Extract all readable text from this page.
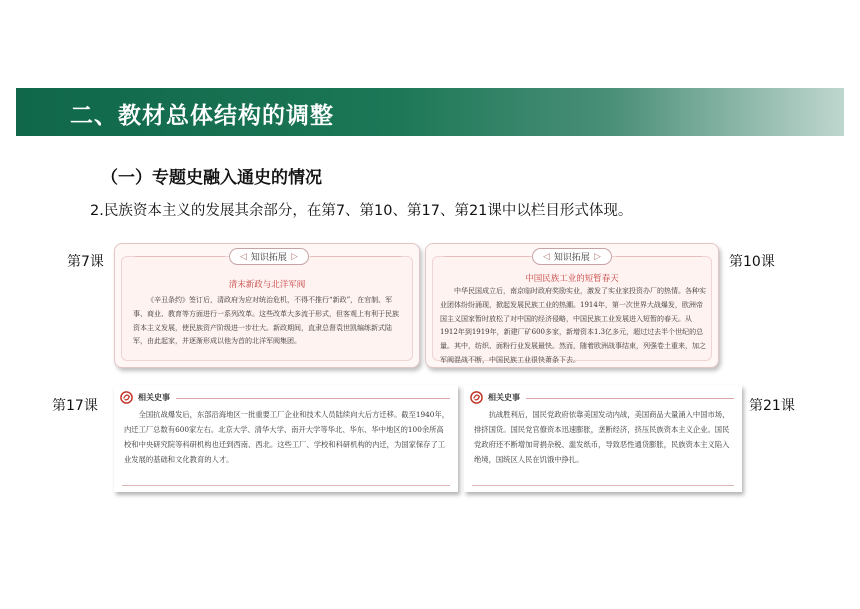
二、教材总体结构的调整
（一）专题史融入通史的情况
2.民族资本主义的发展其余部分，在第7、第10、第17、第21课中以栏目形式体现。
第7课	第10课
第17课	第21课
◁ 知识拓展 ▷
清末新政与北洋军阀
《辛丑条约》签订后，清政府为应对统治危机，不得不推行“新政”，在官制、军事、商业、教育等方面进行一系列改革。这些改革大多流于形式，但客观上有利于民族资本主义发展，使民族资产阶级进一步壮大。新政期间，直隶总督袁世凯编练新式陆军，由此起家，并逐渐形成以他为首的北洋军阀集团。
◁ 知识拓展 ▷
中国民族工业的短暂春天
中华民国成立后，南京临时政府奖励实业，激发了实业家投资办厂的热情。各种实业团体纷纷涌现，掀起发展民族工业的热潮。1914年，第一次世界大战爆发，欧洲帝国主义国家暂时放松了对中国的经济侵略，中国民族工业发展进入短暂的春天。从1912年到1919年，新建厂矿600多家，新增资本1.3亿多元，超过过去半个世纪的总量。其中，纺织、面粉行业发展最快。然而，随着欧洲战事结束，列强卷土重来，加之军阀混战不断，中国民族工业很快萧条下去。
相关史事
全国抗战爆发后，东部沿海地区一批重要工厂企业和技术人员陆续向大后方迁移。截至1940年，内迁工厂总数有600家左右。北京大学、清华大学、南开大学等华北、华东、华中地区的100余所高校和中央研究院等科研机构也迁到西南、西北。这些工厂、学校和科研机构的内迁，为国家保存了工业发展的基础和文化教育的人才。
相关史事
抗战胜利后，国民党政府依靠美国发动内战，美国商品大量涌入中国市场，排挤国货。国民党官僚资本迅速膨胀，垄断经济，挤压民族资本主义企业。国民党政府还不断增加苛捐杂税、滥发纸币，导致恶性通货膨胀，民族资本主义陷入绝境，国统区人民在饥饿中挣扎。
